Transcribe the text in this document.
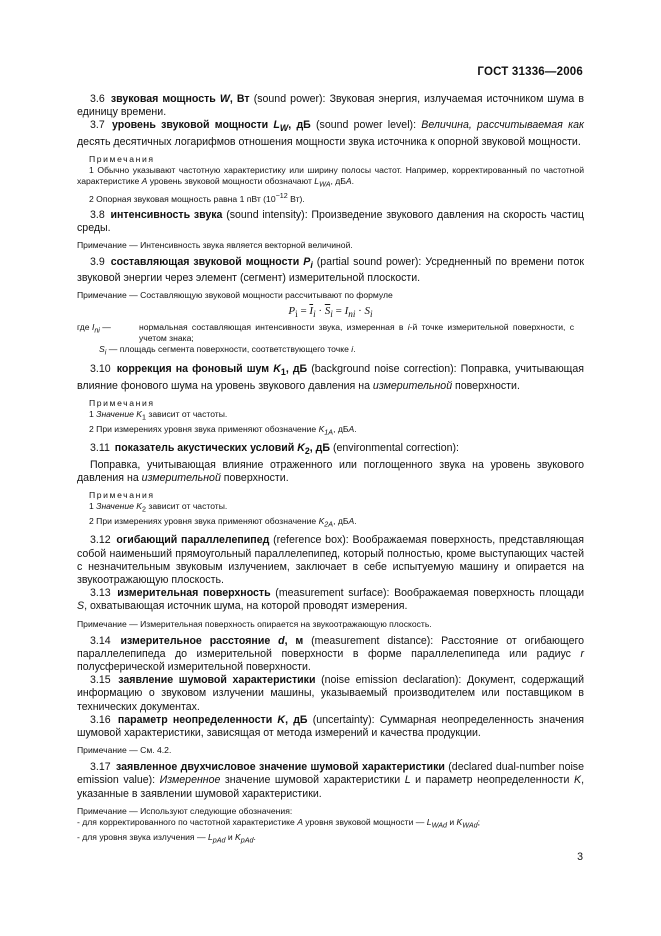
ГОСТ 31336—2006

3.6 звуковая мощность W, Вт (sound power): Звуковая энергия, излучаемая источником шума в единицу времени.

3.7 уровень звуковой мощности $L_W$, дБ (sound power level): Величина, рассчитываемая как десять десятичных логарифмов отношения мощности звука источника к опорной звуковой мощности.

Примечания

1 Обычно указывают частотную характеристику или ширину полосы частот. Например, корректированный по частотной характеристике A уровень звуковой мощности обозначают $L_{WA}$, дБA.

2 Опорная звуковая мощность равна 1 пВт ($10^{-12}$ Вт).

3.8 интенсивность звука (sound intensity): Произведение звукового давления на скорость частиц среды.

Примечание — Интенсивность звука является векторной величиной.

3.9 составляющая звуковой мощности $P_i$ (partial sound power): Усредненный по времени поток звуковой энергии через элемент (сегмент) измерительной плоскости.

Примечание — Составляющую звуковой мощности рассчитывают по формуле

$P_i = \overline{I}_i \cdot \overline{S}_i = I_{ni} \cdot S_i$

где $I_{ni}$ —	нормальная составляющая интенсивности звука, измеренная в i-й точке измерительной поверхности, с учетом знака;
$S_i$ — площадь сегмента поверхности, соответствующего точке i.

3.10 коррекция на фоновый шум $K_1$, дБ (background noise correction): Поправка, учитывающая влияние фонового шума на уровень звукового давления на измерительной поверхности.

Примечания

1 Значение $K_1$ зависит от частоты.

2 При измерениях уровня звука применяют обозначение $K_{1A}$, дБA.

3.11 показатель акустических условий $K_2$, дБ (environmental correction):

Поправка, учитывающая влияние отраженного или поглощенного звука на уровень звукового давления на измерительной поверхности.

Примечания

1 Значение $K_2$ зависит от частоты.

2 При измерениях уровня звука применяют обозначение $K_{2A}$, дБA.

3.12 огибающий параллелепипед (reference box): Воображаемая поверхность, представляющая собой наименьший прямоугольный параллелепипед, который полностью, кроме выступающих частей с незначительным звуковым излучением, заключает в себе испытуемую машину и опирается на звукоотражающую плоскость.

3.13 измерительная поверхность (measurement surface): Воображаемая поверхность площади S, охватывающая источник шума, на которой проводят измерения.

Примечание — Измерительная поверхность опирается на звукоотражающую плоскость.

3.14 измерительное расстояние d, м (measurement distance): Расстояние от огибающего параллелепипеда до измерительной поверхности в форме параллелепипеда или радиус r полусферической измерительной поверхности.

3.15 заявление шумовой характеристики (noise emission declaration): Документ, содержащий информацию о звуковом излучении машины, указываемый производителем или поставщиком в технических документах.

3.16 параметр неопределенности K, дБ (uncertainty): Суммарная неопределенность значения шумовой характеристики, зависящая от метода измерений и качества продукции.

Примечание — См. 4.2.

3.17 заявленное двухчисловое значение шумовой характеристики (declared dual-number noise emission value): Измеренное значение шумовой характеристики L и параметр неопределенности K, указанные в заявлении шумовой характеристики.

Примечание — Используют следующие обозначения:

- для корректированного по частотной характеристике A уровня звуковой мощности — $L_{WAd}$ и $K_{WAd}$;

- для уровня звука излучения — $L_{pAd}$ и $K_{pAd}$.

3
